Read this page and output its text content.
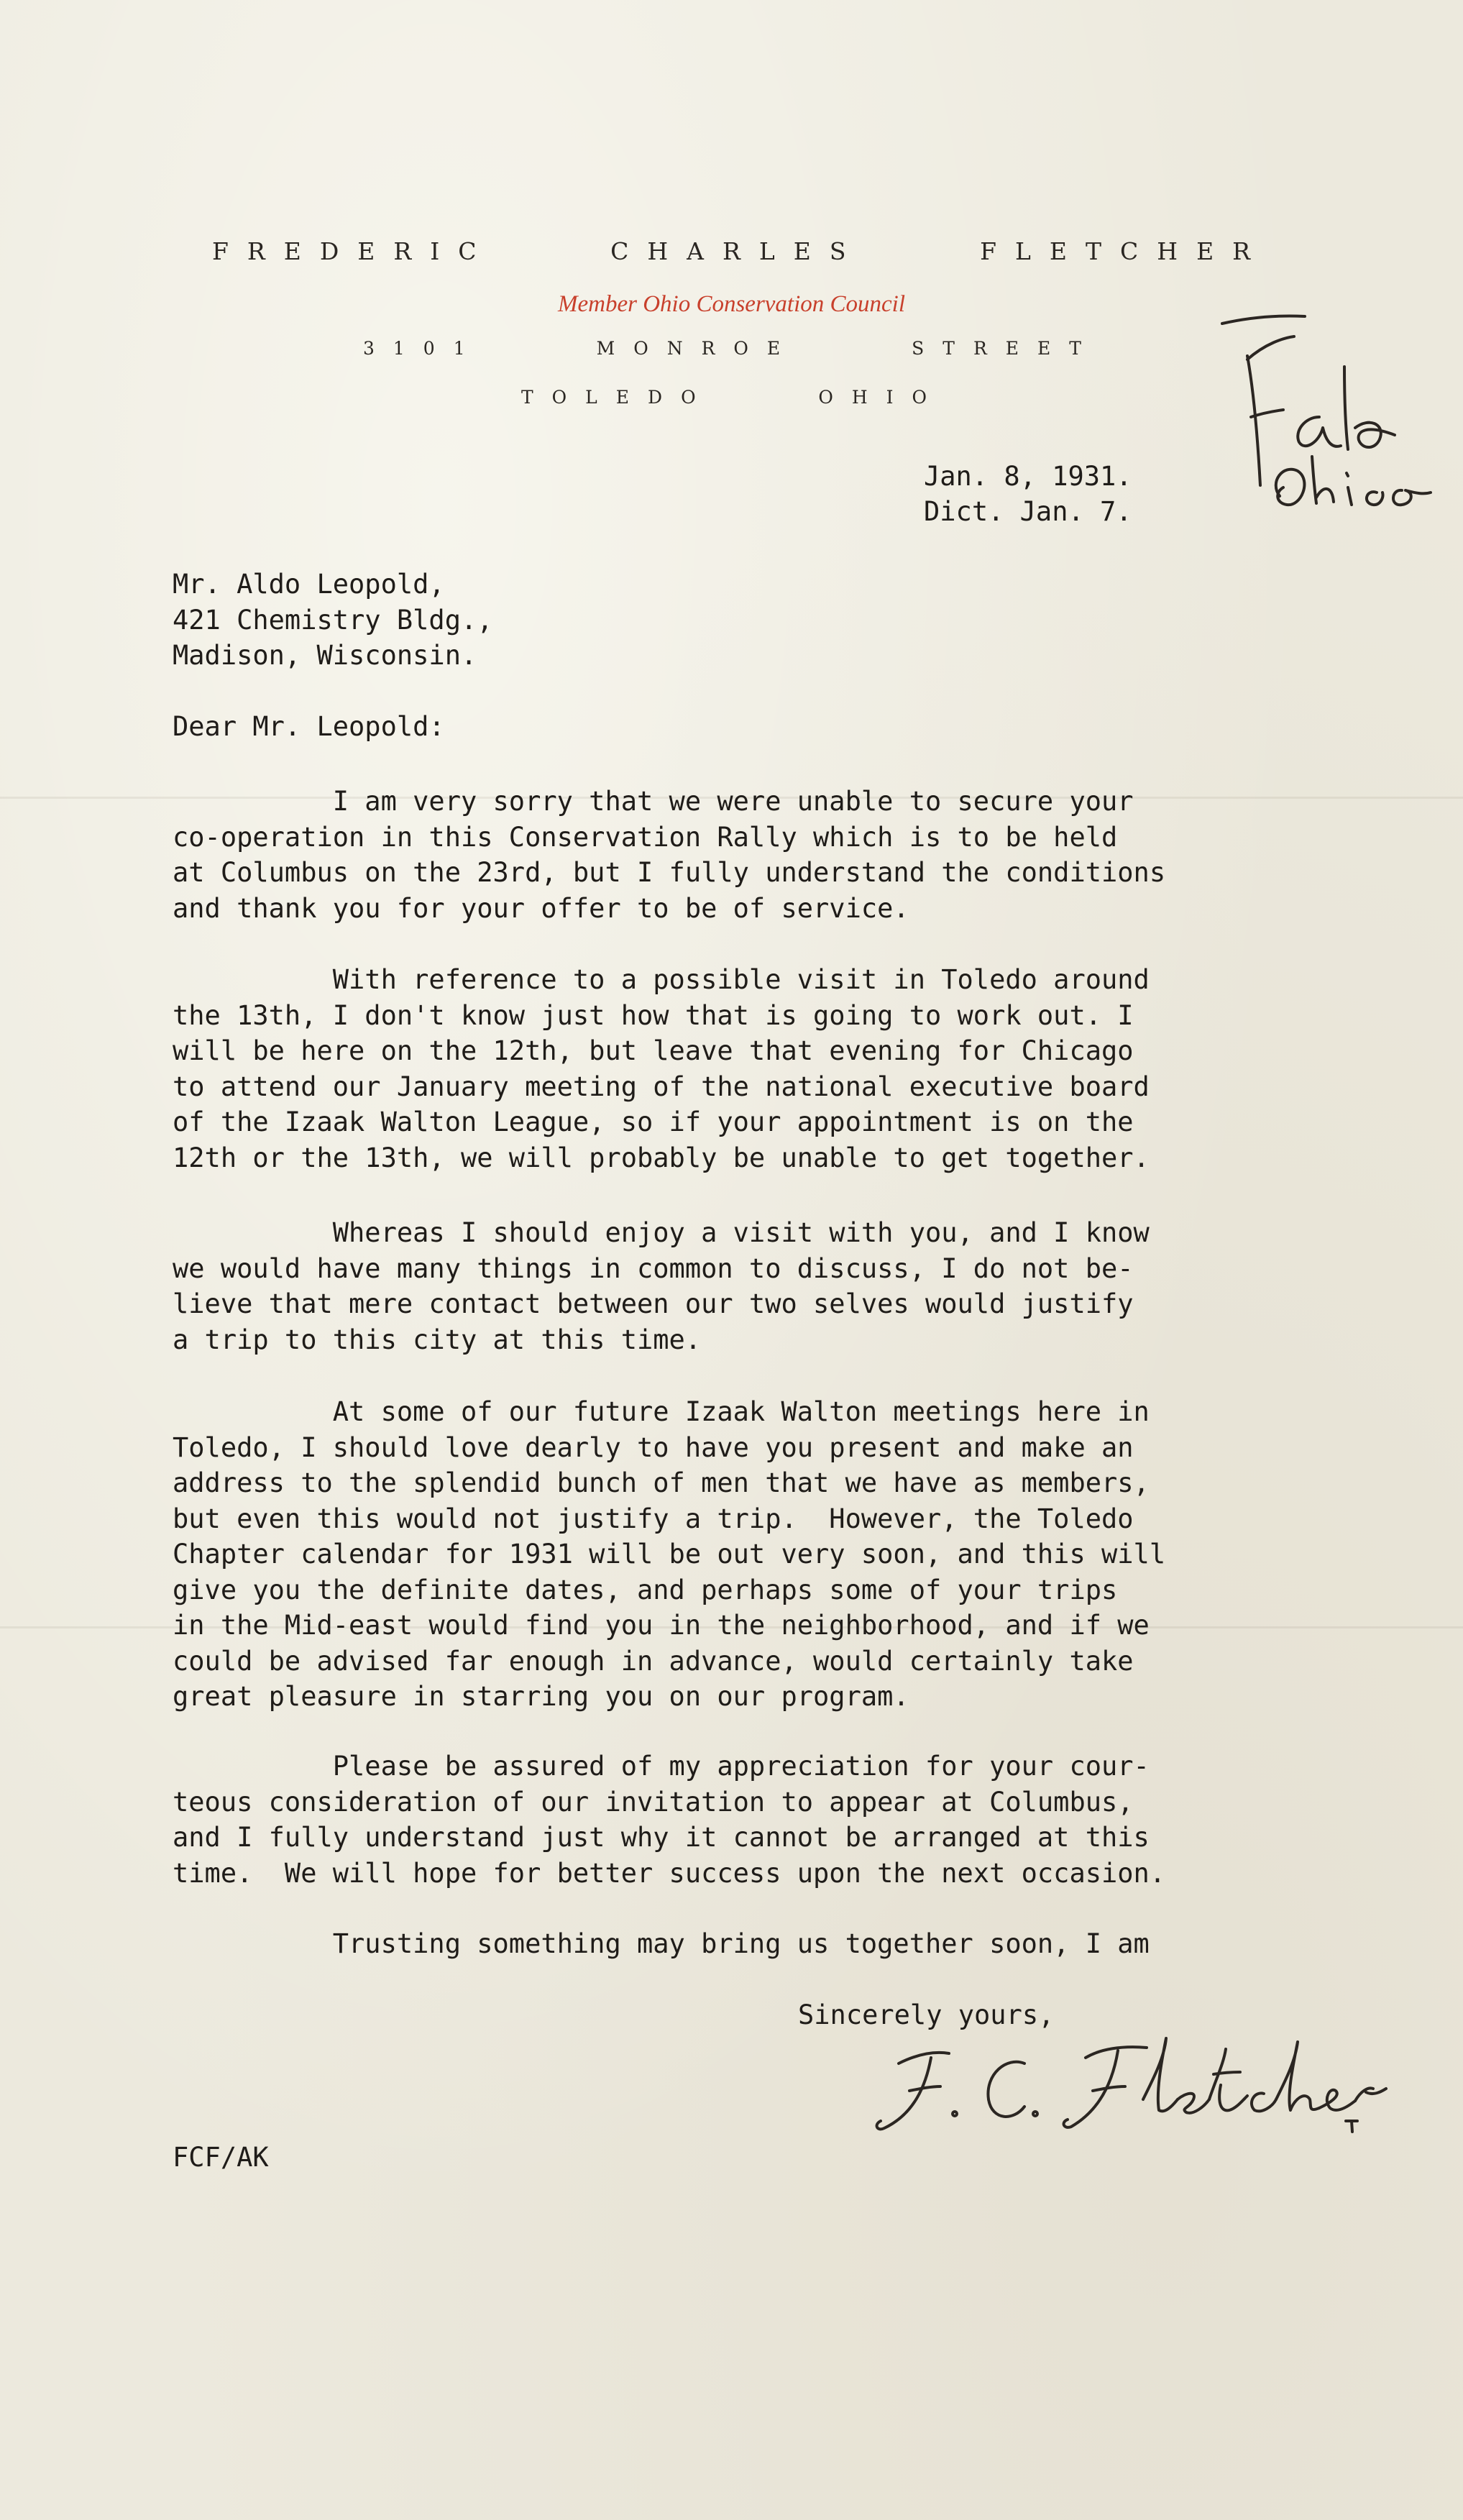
FREDERIC	CHARLES	FLETCHER
Member Ohio Conservation Council
3101	MONROE	STREET
TOLEDO	OHIO
Jan. 8, 1931.
Dict. Jan. 7.
Mr. Aldo Leopold,
421 Chemistry Bldg.,
Madison, Wisconsin.
Dear Mr. Leopold:
I am very sorry that we were unable to secure your
co-operation in this Conservation Rally which is to be held
at Columbus on the 23rd, but I fully understand the conditions
and thank you for your offer to be of service.
With reference to a possible visit in Toledo around
the 13th, I don't know just how that is going to work out. I
will be here on the 12th, but leave that evening for Chicago
to attend our January meeting of the national executive board
of the Izaak Walton League, so if your appointment is on the
12th or the 13th, we will probably be unable to get together.
Whereas I should enjoy a visit with you, and I know
we would have many things in common to discuss, I do not be-
lieve that mere contact between our two selves would justify
a trip to this city at this time.
At some of our future Izaak Walton meetings here in
Toledo, I should love dearly to have you present and make an
address to the splendid bunch of men that we have as members,
but even this would not justify a trip.  However, the Toledo
Chapter calendar for 1931 will be out very soon, and this will
give you the definite dates, and perhaps some of your trips
in the Mid-east would find you in the neighborhood, and if we
could be advised far enough in advance, would certainly take
great pleasure in starring you on our program.
Please be assured of my appreciation for your cour-
teous consideration of our invitation to appear at Columbus,
and I fully understand just why it cannot be arranged at this
time.  We will hope for better success upon the next occasion.
Trusting something may bring us together soon, I am
Sincerely yours,
FCF/AK
